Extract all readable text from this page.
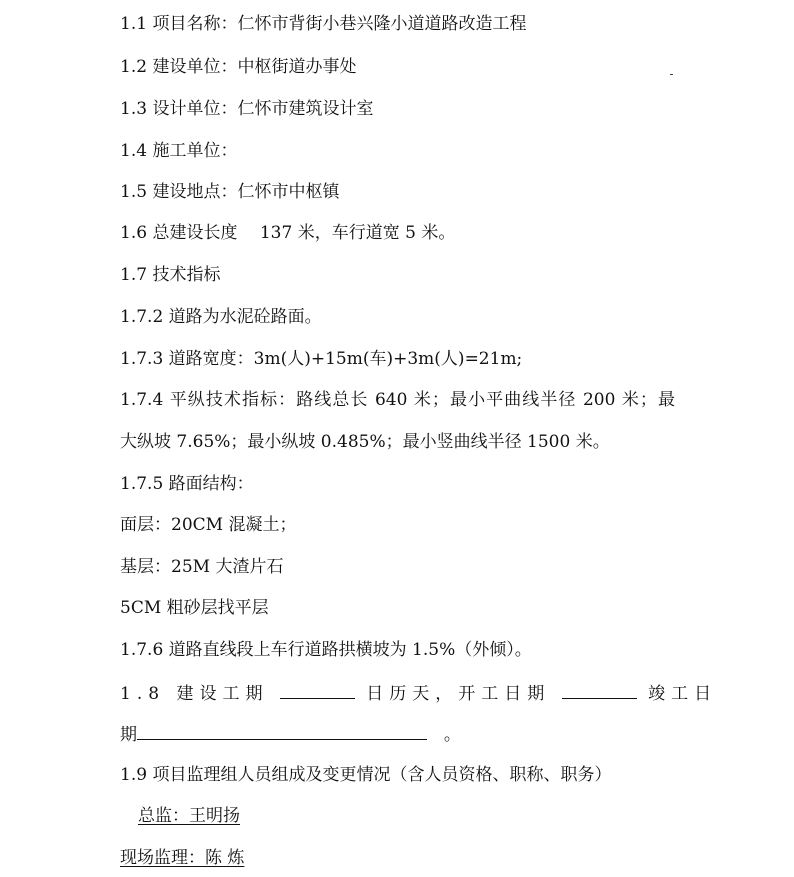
1.1 项目名称：仁怀市背街小巷兴隆小道道路改造工程
1.2 建设单位：中枢街道办事处
1.3 设计单位：仁怀市建筑设计室
1.4 施工单位：
1.5 建设地点：仁怀市中枢镇
1.6 总建设长度　 137 米，车行道宽 5 米。
1.7 技术指标
1.7.2 道路为水泥砼路面。
1.7.3 道路宽度：3m(人)+15m(车)+3m(人)=21m;
1.7.4 平纵技术指标：路线总长 640 米；最小平曲线半径 200 米；最
大纵坡 7.65%；最小纵坡 0.485%；最小竖曲线半径 1500 米。
1.7.5 路面结构：
面层：20CM 混凝土；
基层：25M 大渣片石
5CM 粗砂层找平层
1.7.6 道路直线段上车行道路拱横坡为 1.5%（外倾）。
1.8 建设工期	日历天，开工日期	竣工日
期	。
1.9 项目监理组人员组成及变更情况（含人员资格、职称、职务）
总监：王明扬
现场监理：陈 炼
